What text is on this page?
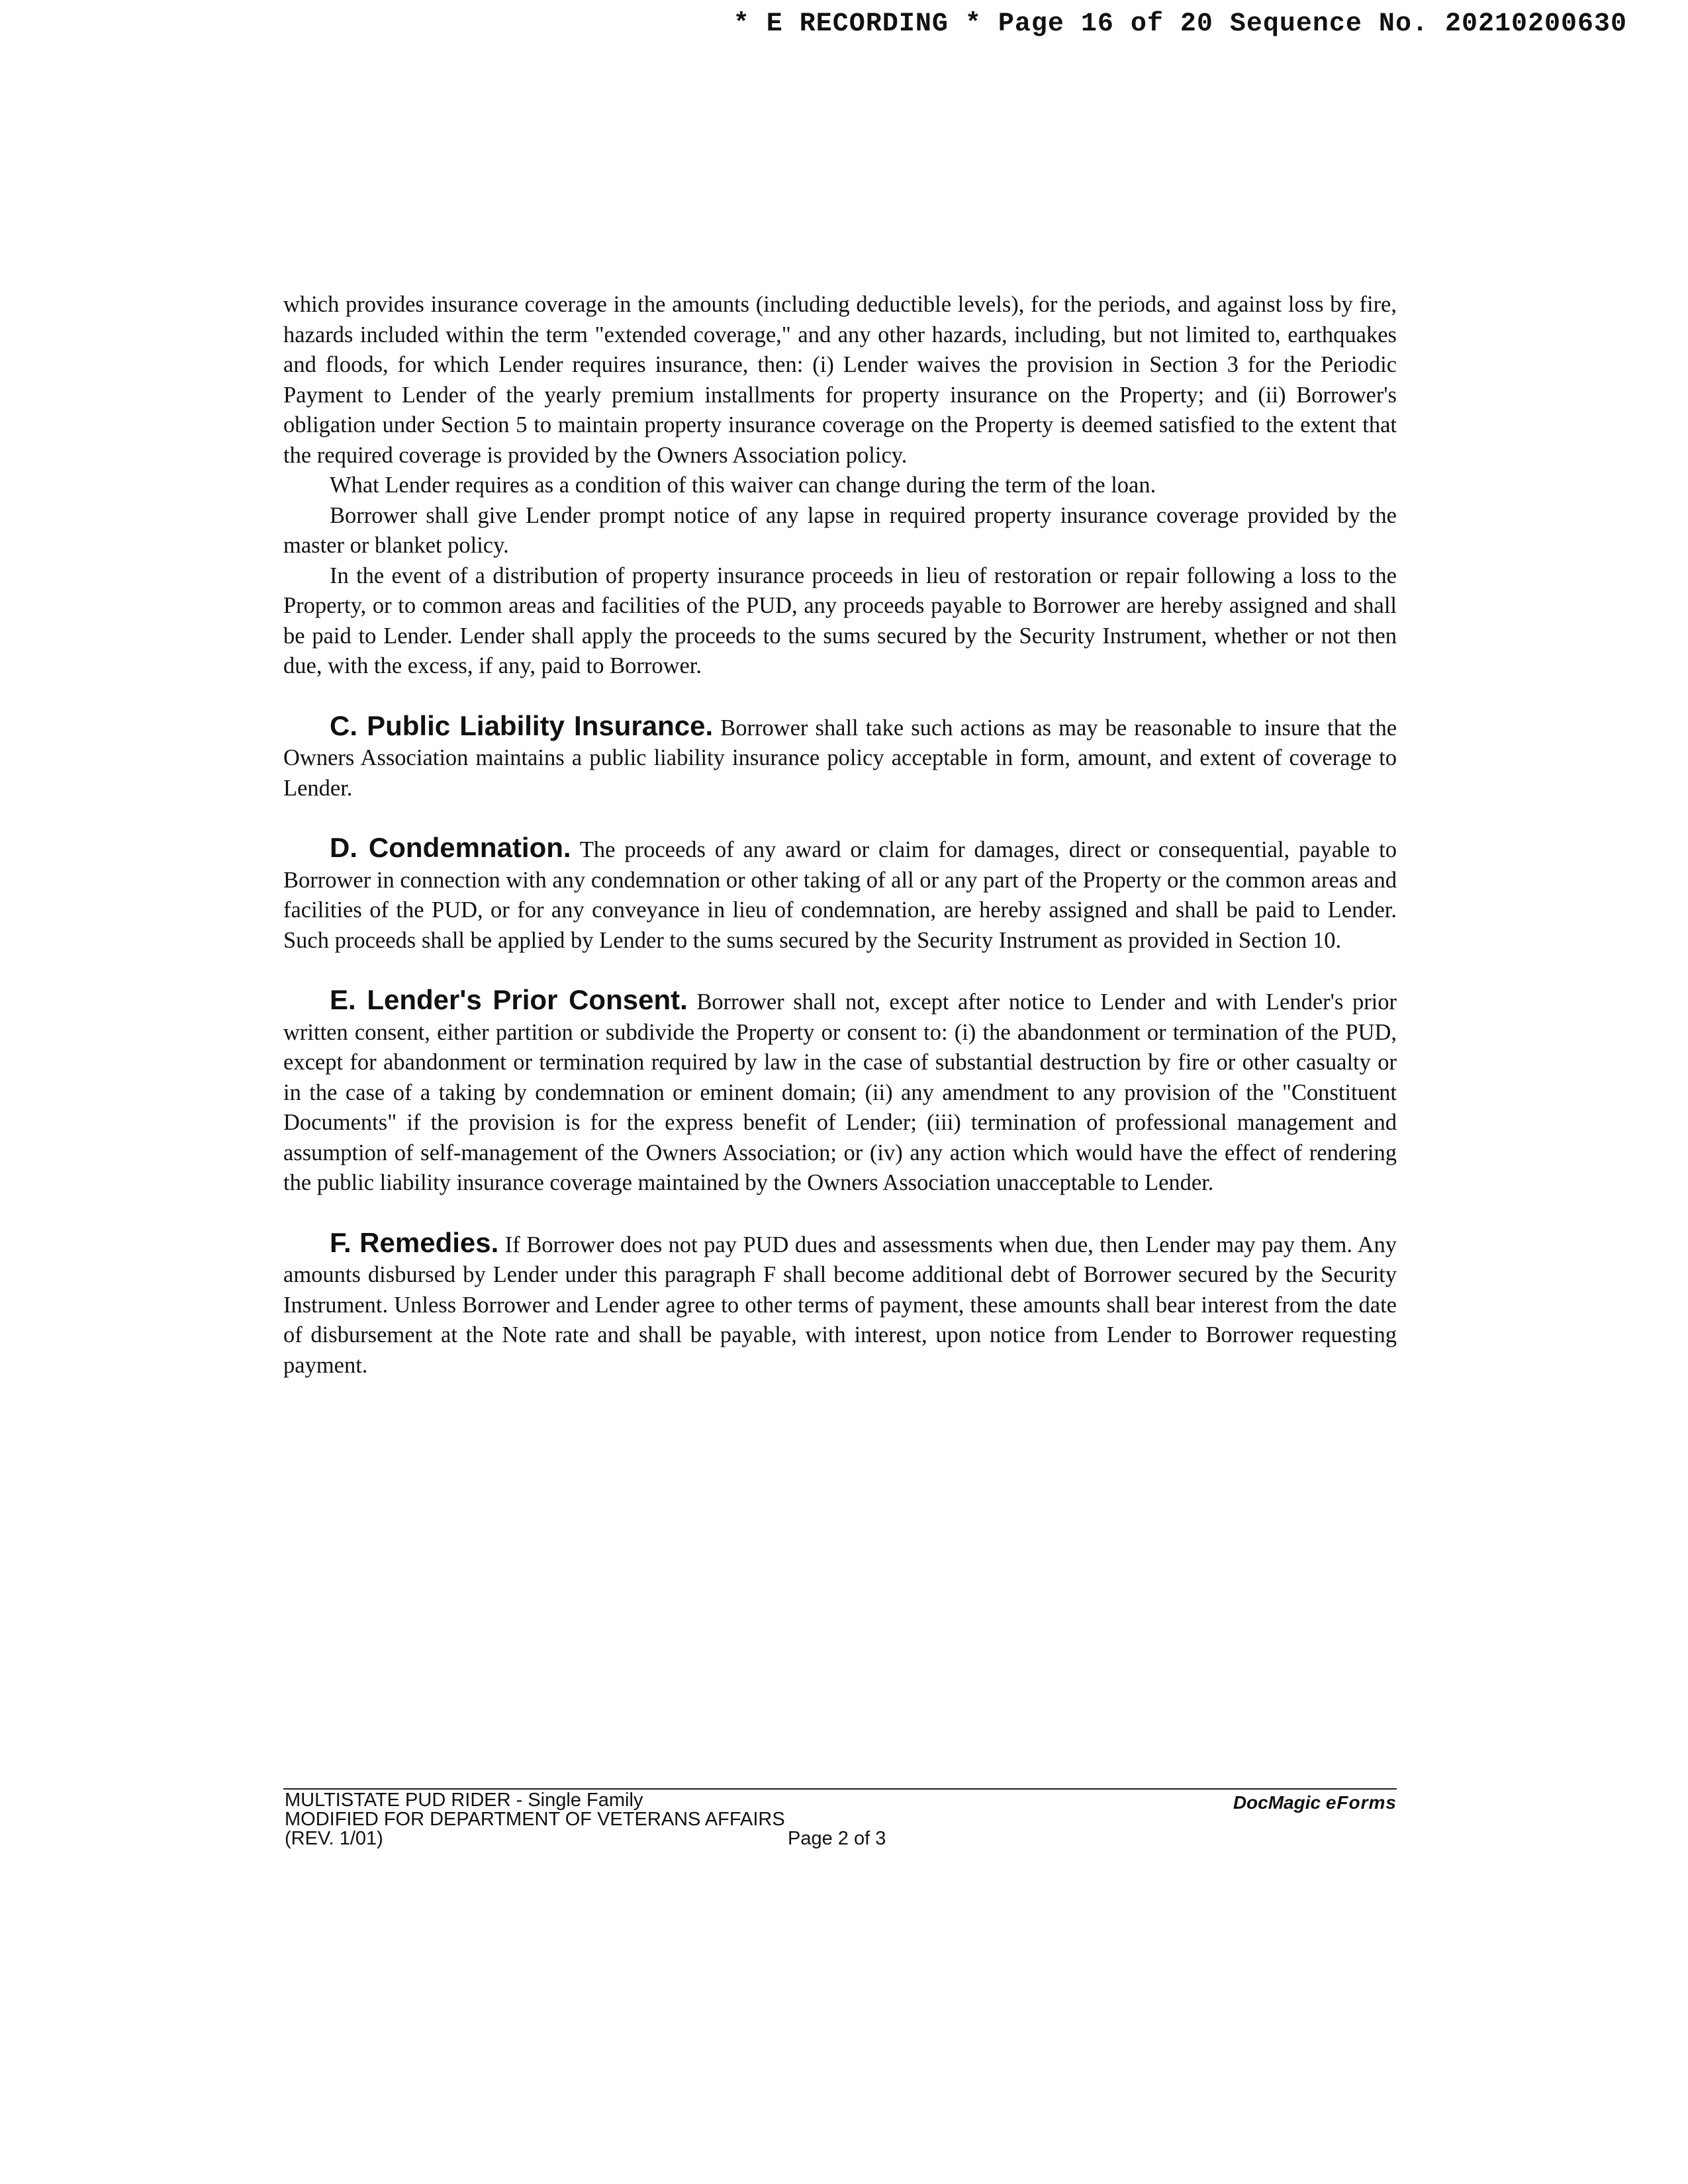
* E RECORDING * Page 16 of 20 Sequence No. 20210200630

which provides insurance coverage in the amounts (including deductible levels), for the periods, and against loss by fire, hazards included within the term "extended coverage," and any other hazards, including, but not limited to, earthquakes and floods, for which Lender requires insurance, then: (i) Lender waives the provision in Section 3 for the Periodic Payment to Lender of the yearly premium installments for property insurance on the Property; and (ii) Borrower's obligation under Section 5 to maintain property insurance coverage on the Property is deemed satisfied to the extent that the required coverage is provided by the Owners Association policy.

What Lender requires as a condition of this waiver can change during the term of the loan.

Borrower shall give Lender prompt notice of any lapse in required property insurance coverage provided by the master or blanket policy.

In the event of a distribution of property insurance proceeds in lieu of restoration or repair following a loss to the Property, or to common areas and facilities of the PUD, any proceeds payable to Borrower are hereby assigned and shall be paid to Lender. Lender shall apply the proceeds to the sums secured by the Security Instrument, whether or not then due, with the excess, if any, paid to Borrower.

C. Public Liability Insurance. Borrower shall take such actions as may be reasonable to insure that the Owners Association maintains a public liability insurance policy acceptable in form, amount, and extent of coverage to Lender.

D. Condemnation. The proceeds of any award or claim for damages, direct or consequential, payable to Borrower in connection with any condemnation or other taking of all or any part of the Property or the common areas and facilities of the PUD, or for any conveyance in lieu of condemnation, are hereby assigned and shall be paid to Lender. Such proceeds shall be applied by Lender to the sums secured by the Security Instrument as provided in Section 10.

E. Lender's Prior Consent. Borrower shall not, except after notice to Lender and with Lender's prior written consent, either partition or subdivide the Property or consent to: (i) the abandonment or termination of the PUD, except for abandonment or termination required by law in the case of substantial destruction by fire or other casualty or in the case of a taking by condemnation or eminent domain; (ii) any amendment to any provision of the "Constituent Documents" if the provision is for the express benefit of Lender; (iii) termination of professional management and assumption of self-management of the Owners Association; or (iv) any action which would have the effect of rendering the public liability insurance coverage maintained by the Owners Association unacceptable to Lender.

F. Remedies. If Borrower does not pay PUD dues and assessments when due, then Lender may pay them. Any amounts disbursed by Lender under this paragraph F shall become additional debt of Borrower secured by the Security Instrument. Unless Borrower and Lender agree to other terms of payment, these amounts shall bear interest from the date of disbursement at the Note rate and shall be payable, with interest, upon notice from Lender to Borrower requesting payment.

MULTISTATE PUD RIDER - Single Family
MODIFIED FOR DEPARTMENT OF VETERANS AFFAIRS
(REV. 1/01)	Page 2 of 3
DocMagic eForms
